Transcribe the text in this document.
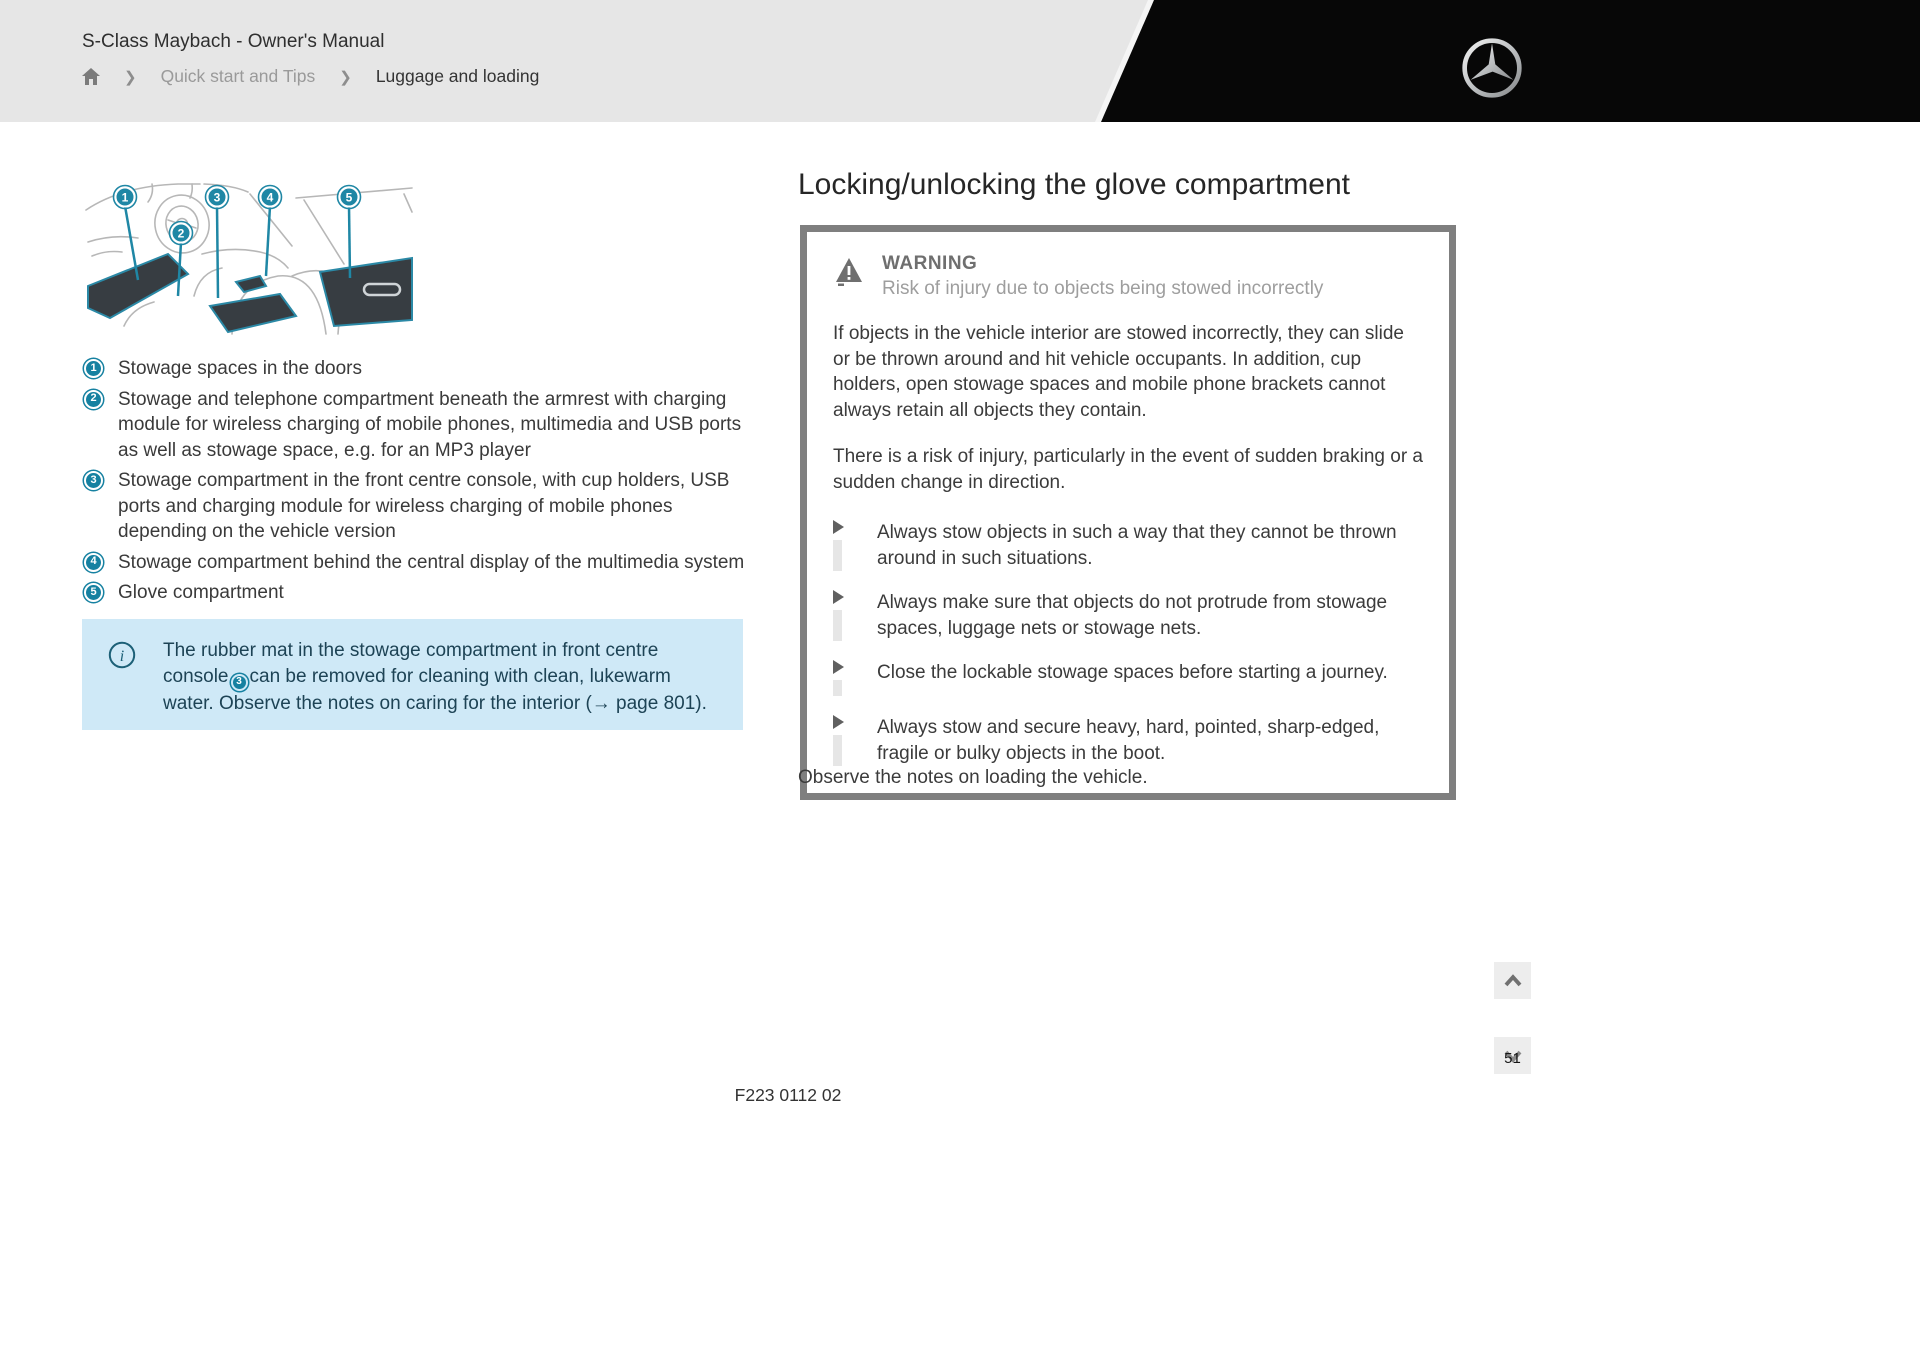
S-Class Maybach - Owner's Manual
❯ Quick start and Tips ❯ Luggage and loading
1
2
3	4	5
1	Stowage spaces in the doors
2	Stowage and telephone compartment beneath the armrest with charging module for wireless charging of mobile phones, multimedia and USB ports as well as stowage space, e.g. for an MP3 player
3	Stowage compartment in the front centre console, with cup holders, USB ports and charging module for wireless charging of mobile phones depending on the vehicle version
4	Stowage compartment behind the central display of the multimedia system
5	Glove compartment
i The rubber mat in the stowage compartment in front centre console 3 can be removed for cleaning with clean, lukewarm water. Observe the notes on caring for the interior (→ page 801).
Locking/unlocking the glove compartment
WARNING
Risk of injury due to objects being stowed incorrectly

If objects in the vehicle interior are stowed incorrectly, they can slide or be thrown around and hit vehicle occupants. In addition, cup holders, open stowage spaces and mobile phone brackets cannot always retain all objects they contain.

There is a risk of injury, particularly in the event of sudden braking or a sudden change in direction.

Always stow objects in such a way that they cannot be thrown around in such situations.
Always make sure that objects do not protrude from stowage spaces, luggage nets or stowage nets.
Close the lockable stowage spaces before starting a journey.
Always stow and secure heavy, hard, pointed, sharp-edged, fragile or bulky objects in the boot.
Observe the notes on loading the vehicle.
F223 0112 02
51
